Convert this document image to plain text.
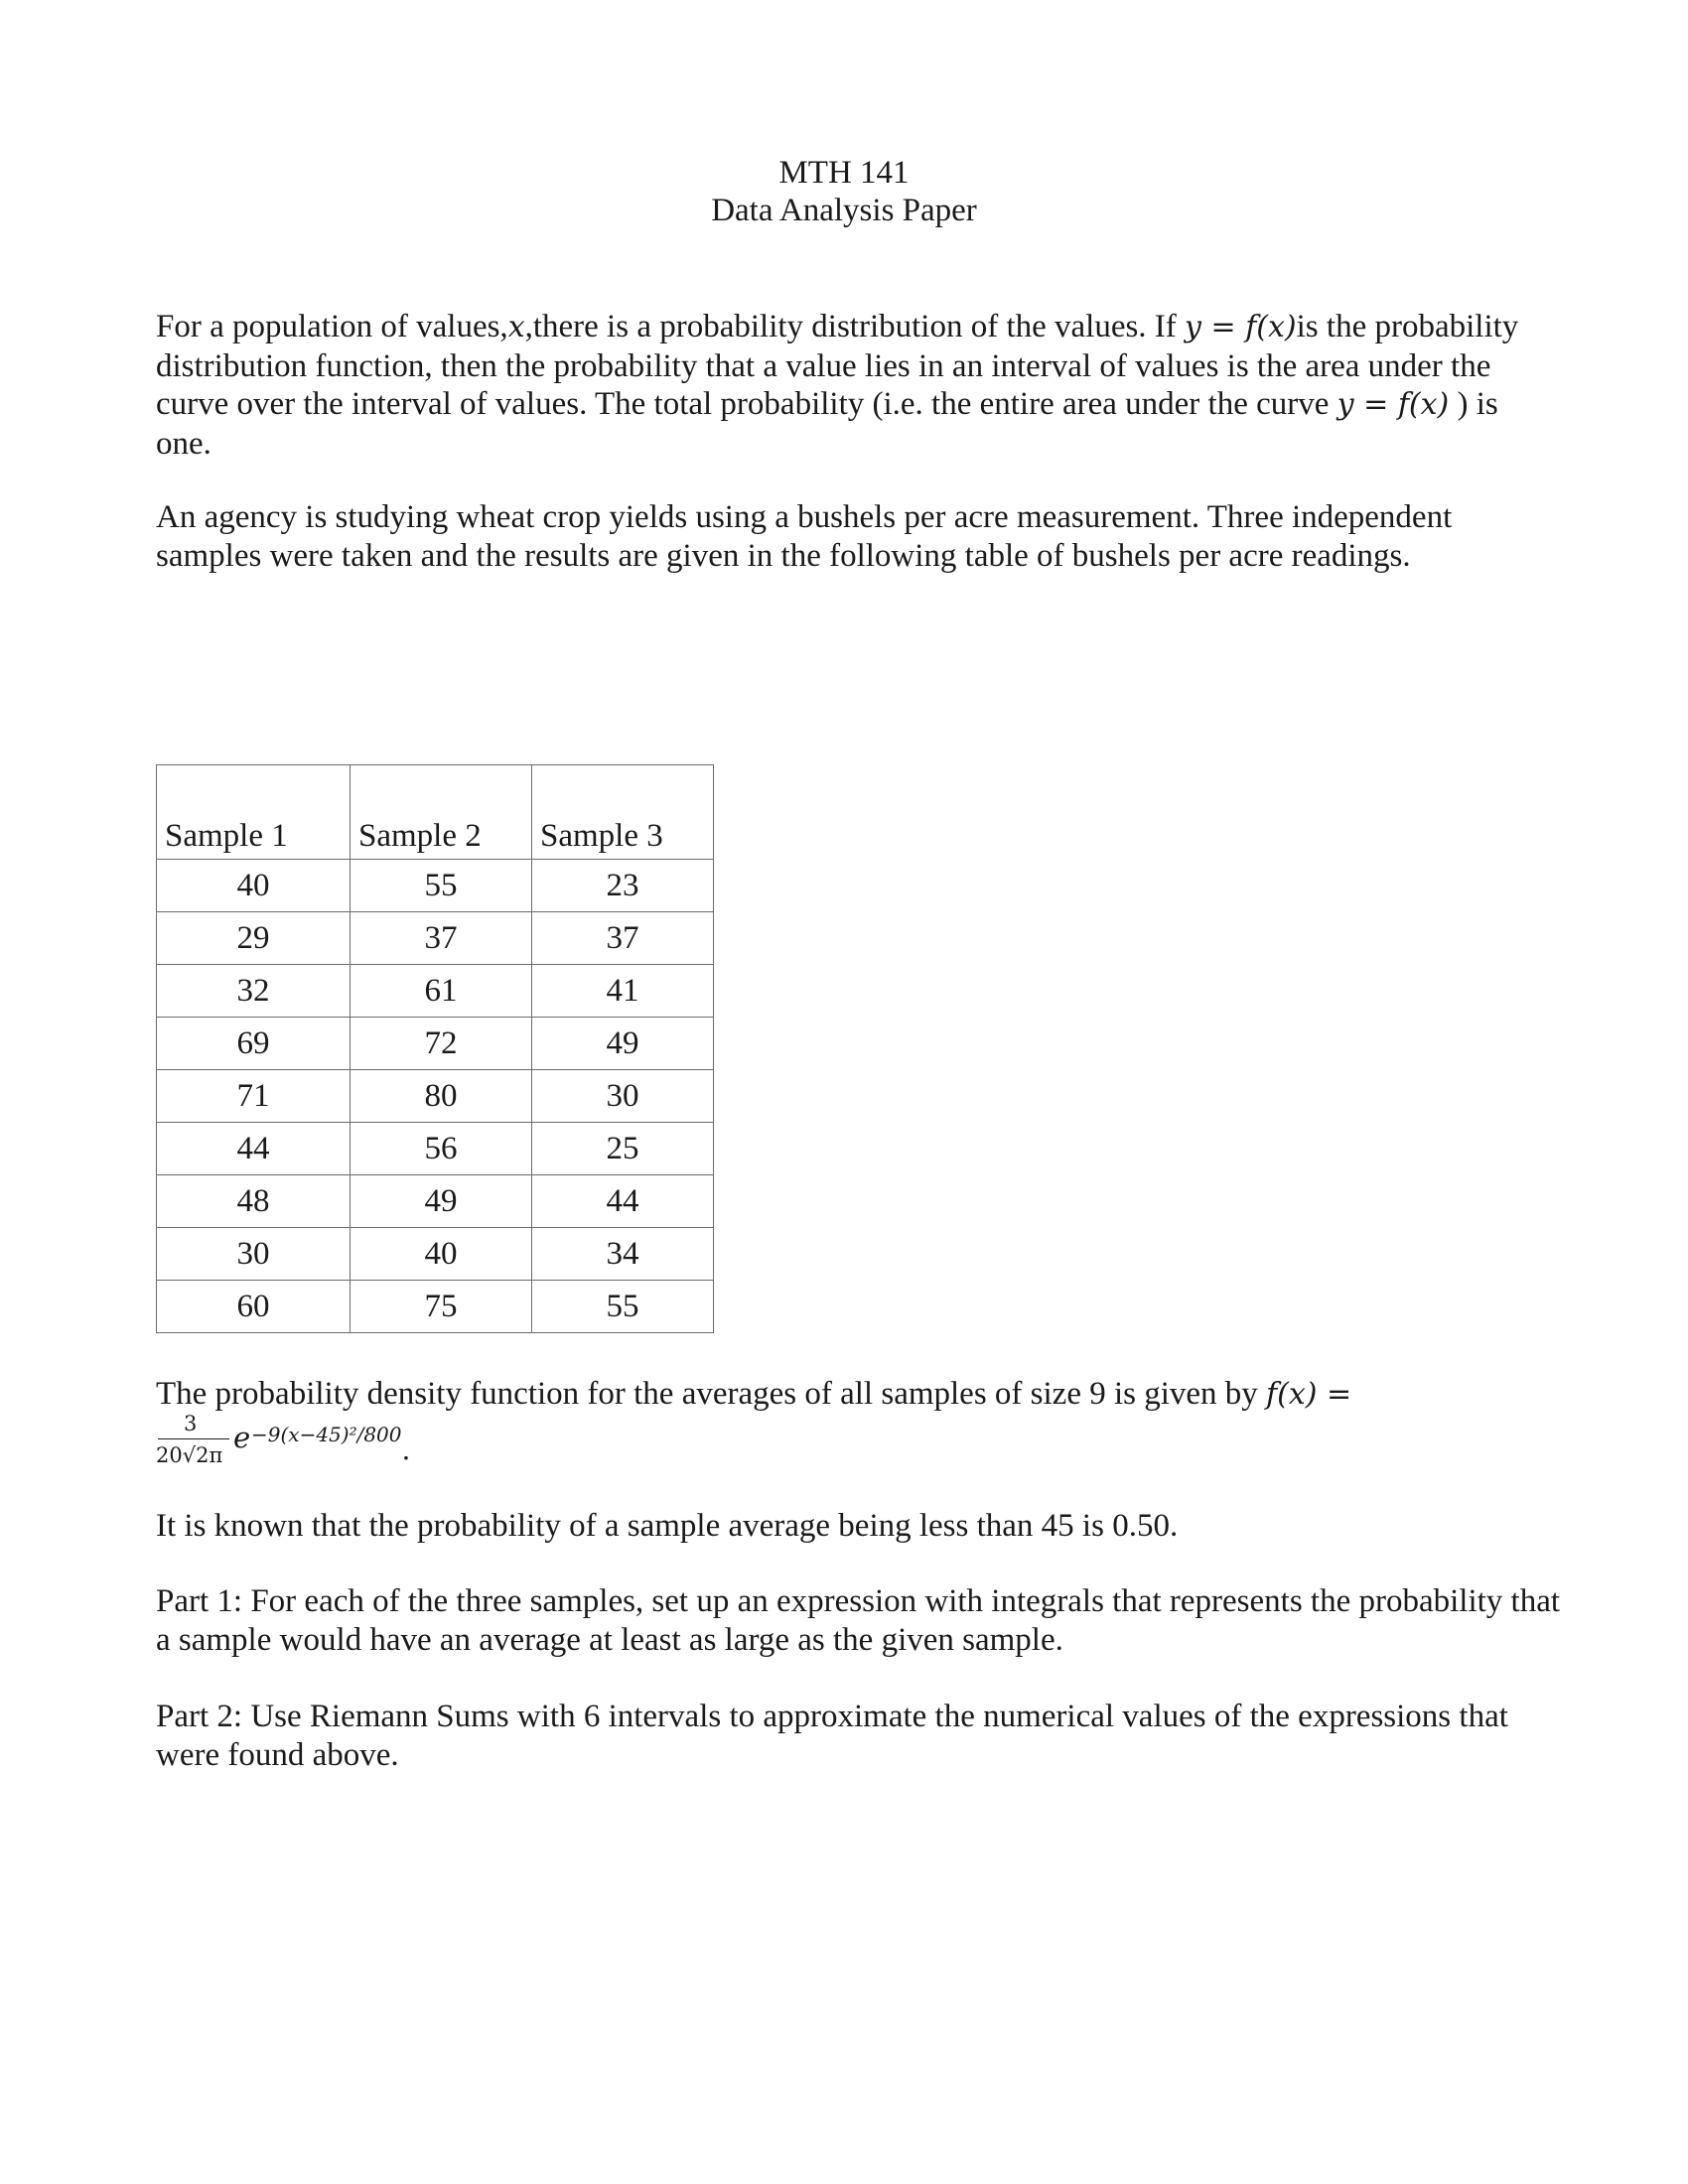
MTH 141
Data Analysis Paper

For a population of values,x,there is a probability distribution of the values. If y = f(x)is the probability distribution function, then the probability that a value lies in an interval of values is the area under the curve over the interval of values. The total probability (i.e. the entire area under the curve y = f(x) ) is one.

An agency is studying wheat crop yields using a bushels per acre measurement. Three independent samples were taken and the results are given in the following table of bushels per acre readings.

Sample 1	Sample 2	Sample 3
40	55	23
29	37	37
32	61	41
69	72	49
71	80	30
44	56	25
48	49	44
30	40	34
60	75	55
The probability density function for the averages of all samples of size 9 is given by f(x) =
3
20√2π
e −9(x−45)²/800.

It is known that the probability of a sample average being less than 45 is 0.50.

Part 1: For each of the three samples, set up an expression with integrals that represents the probability that a sample would have an average at least as large as the given sample.

Part 2: Use Riemann Sums with 6 intervals to approximate the numerical values of the expressions that were found above.
